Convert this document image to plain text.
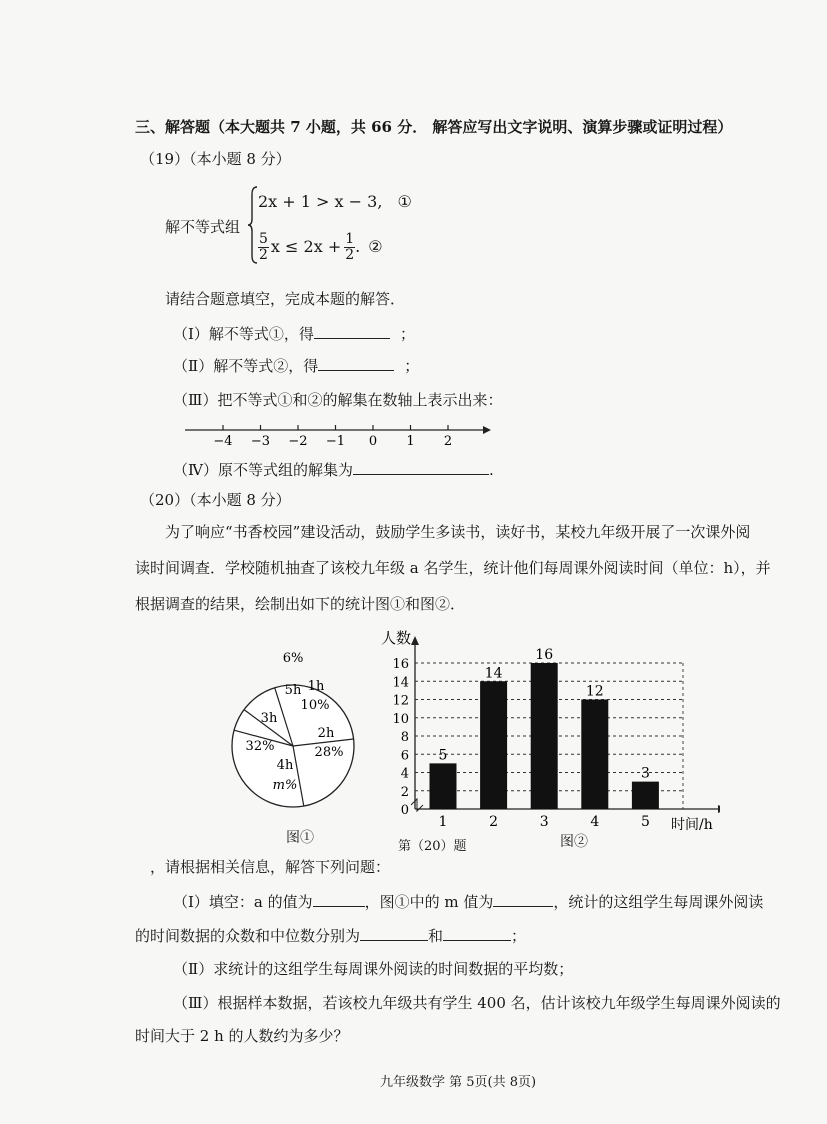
三、解答题（本大题共 7 小题，共 66 分． 解答应写出文字说明、演算步骤或证明过程）
（19）（本小题 8 分）
解不等式组
2x + 1 > x − 3, ①
$\frac{5}{2}$ $x \le 2x + \frac{1}{2}$ . ②
请结合题意填空，完成本题的解答．
（Ⅰ）解不等式①，得	；
（Ⅱ）解不等式②，得	；
（Ⅲ）把不等式①和②的解集在数轴上表示出来：
−4 −3 −2 −1 0 1 2
（Ⅳ）原不等式组的解集为	.
（20）（本小题 8 分）
为了响应“书香校园”建设活动，鼓励学生多读书，读好书，某校九年级开展了一次课外阅
读时间调查．学校随机抽查了该校九年级 a 名学生，统计他们每周课外阅读时间（单位：h），并
根据调查的结果，绘制出如下的统计图①和图②．
5h
6%
1h
10%
2h
28%
4h
m%
3h
32%
图①
0
2
4
6
8
10
12
14
16
人数
时间/h
5
1
14
2
16
3
12
4
3
5
第（20）题	图②
，请根据相关信息，解答下列问题：
（Ⅰ）填空：a 的值为	，图①中的 m 值为	，统计的这组学生每周课外阅读
的时间数据的众数和中位数分别为	和	；
（Ⅱ）求统计的这组学生每周课外阅读的时间数据的平均数；
（Ⅲ）根据样本数据，若该校九年级共有学生 400 名，估计该校九年级学生每周课外阅读的
时间大于 2 h 的人数约为多少？
九年级数学 第 5页(共 8页)
